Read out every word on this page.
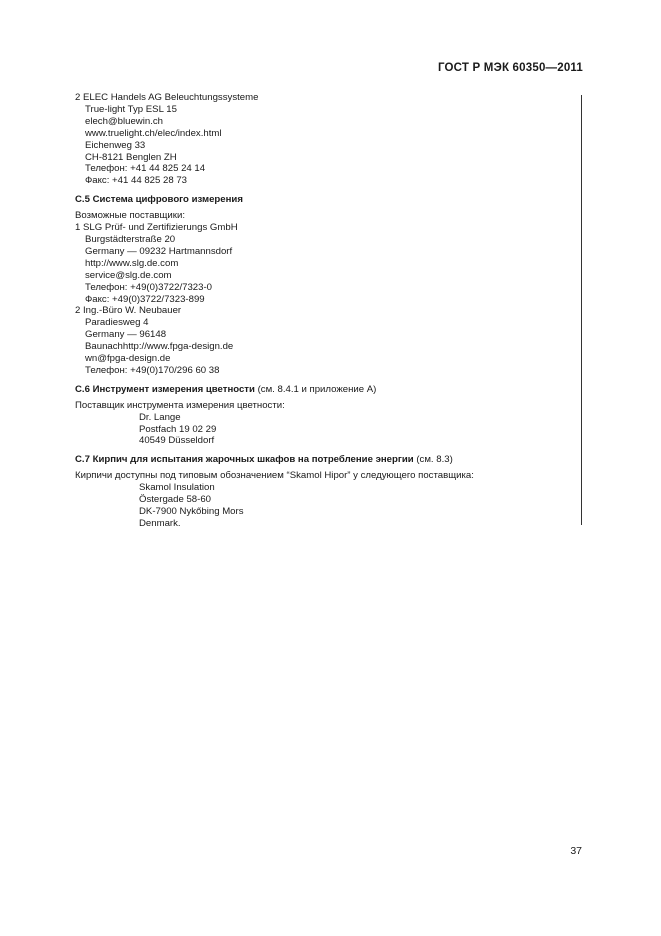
ГОСТ Р МЭК 60350—2011
2 ELEC Handels AG Beleuchtungssysteme
True-light Typ ESL 15
elech@bluewin.ch
www.truelight.ch/elec/index.html
Eichenweg 33
CH-8121 Benglen ZH
Телефон: +41 44 825 24 14
Факс: +41 44 825 28 73
С.5 Система цифрового измерения
Возможные поставщики:
1 SLG Prüf- und Zertifizierungs GmbH
Burgstädterstraße 20
Germany — 09232 Hartmannsdorf
http://www.slg.de.com
service@slg.de.com
Телефон: +49(0)3722/7323-0
Факс: +49(0)3722/7323-899
2 Ing.-Büro W. Neubauer
Paradiesweg 4
Germany — 96148
Baunachhttp://www.fpga-design.de
wn@fpga-design.de
Телефон: +49(0)170/296 60 38
С.6 Инструмент измерения цветности (см. 8.4.1 и приложение А)
Поставщик инструмента измерения цветности:
Dr. Lange
Postfach 19 02 29
40549 Düsseldorf
С.7 Кирпич для испытания жарочных шкафов на потребление энергии (см. 8.3)
Кирпичи доступны под типовым обозначением “Skamol Hipor” у следующего поставщика:
Skamol Insulation
Östergade 58-60
DK-7900 Nykőbing Mors
Denmark.
37
